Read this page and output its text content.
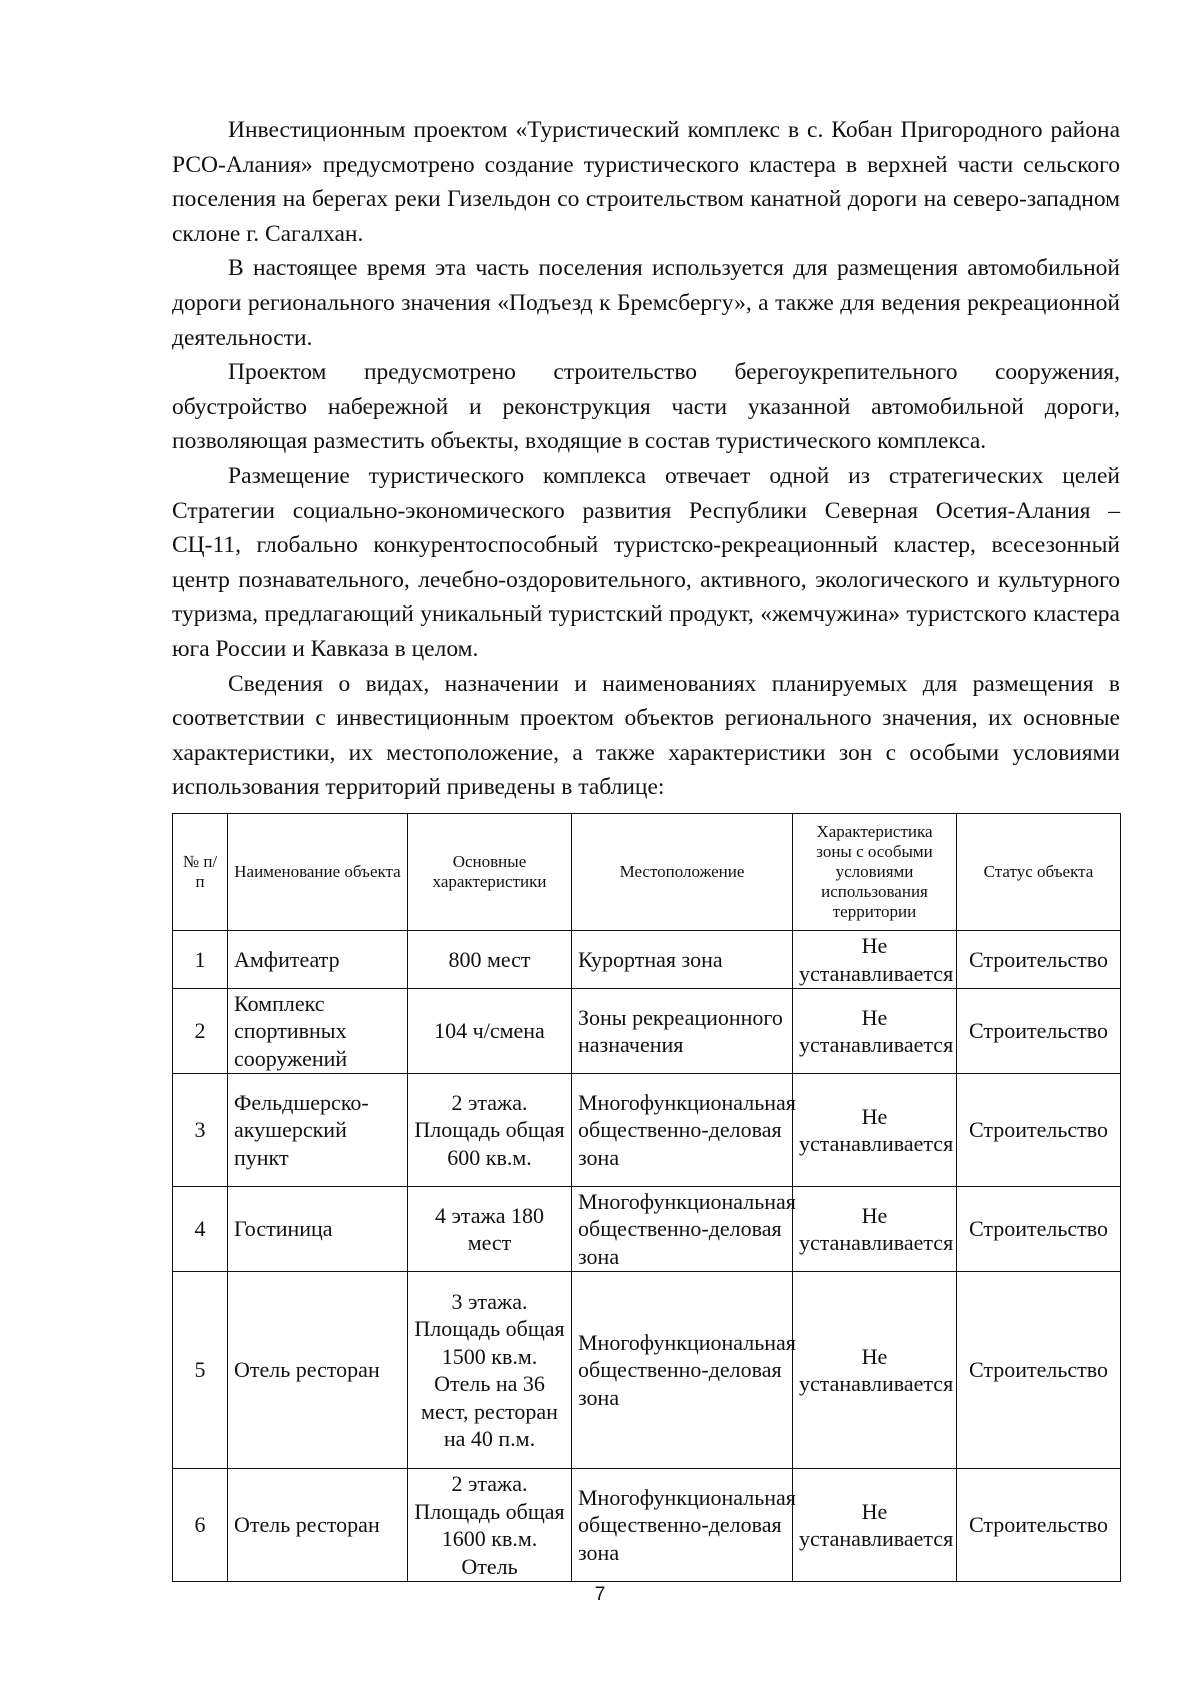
Инвестиционным проектом «Туристический комплекс в с. Кобан Пригородного района РСО-Алания» предусмотрено создание туристического кластера в верхней части сельского поселения на берегах реки Гизельдон со строительством канатной дороги на северо-западном склоне г. Сагалхан.

В настоящее время эта часть поселения используется для размещения автомобильной дороги регионального значения «Подъезд к Бремсбергу», а также для ведения рекреационной деятельности.

Проектом предусмотрено строительство берегоукрепительного сооружения, обустройство набережной и реконструкция части указанной автомобильной дороги, позволяющая разместить объекты, входящие в состав туристического комплекса.

Размещение туристического комплекса отвечает одной из стратегических целей Стратегии социально-экономического развития Республики Северная Осетия-Алания – СЦ-11, глобально конкурентоспособный туристско-рекреационный кластер, всесезонный центр познавательного, лечебно-оздоровительного, активного, экологического и культурного туризма, предлагающий уникальный туристский продукт, «жемчужина» туристского кластера юга России и Кавказа в целом.

Сведения о видах, назначении и наименованиях планируемых для размещения в соответствии с инвестиционным проектом объектов регионального значения, их основные характеристики, их местоположение, а также характеристики зон с особыми условиями использования территорий приведены в таблице:

№ п/п	Наименование объекта	Основные характеристики	Местоположение	Характеристика зоны с особыми условиями использования территории	Статус объекта
1	Амфитеатр	800 мест	Курортная зона	Не устанавливается	Строительство
2	Комплекс спортивных сооружений	104 ч/смена	Зоны рекреационного назначения	Не устанавливается	Строительство
3	Фельдшерско-акушерский пункт	2 этажа. Площадь общая 600 кв.м.	Многофункциональная общественно-деловая зона	Не устанавливается	Строительство
4	Гостиница	4 этажа 180 мест	Многофункциональная общественно-деловая зона	Не устанавливается	Строительство
5	Отель ресторан	3 этажа. Площадь общая 1500 кв.м. Отель на 36 мест, ресторан на 40 п.м.	Многофункциональная общественно-деловая зона	Не устанавливается	Строительство
6	Отель ресторан	2 этажа. Площадь общая 1600 кв.м. Отель	Многофункциональная общественно-деловая зона	Не устанавливается	Строительство
7
